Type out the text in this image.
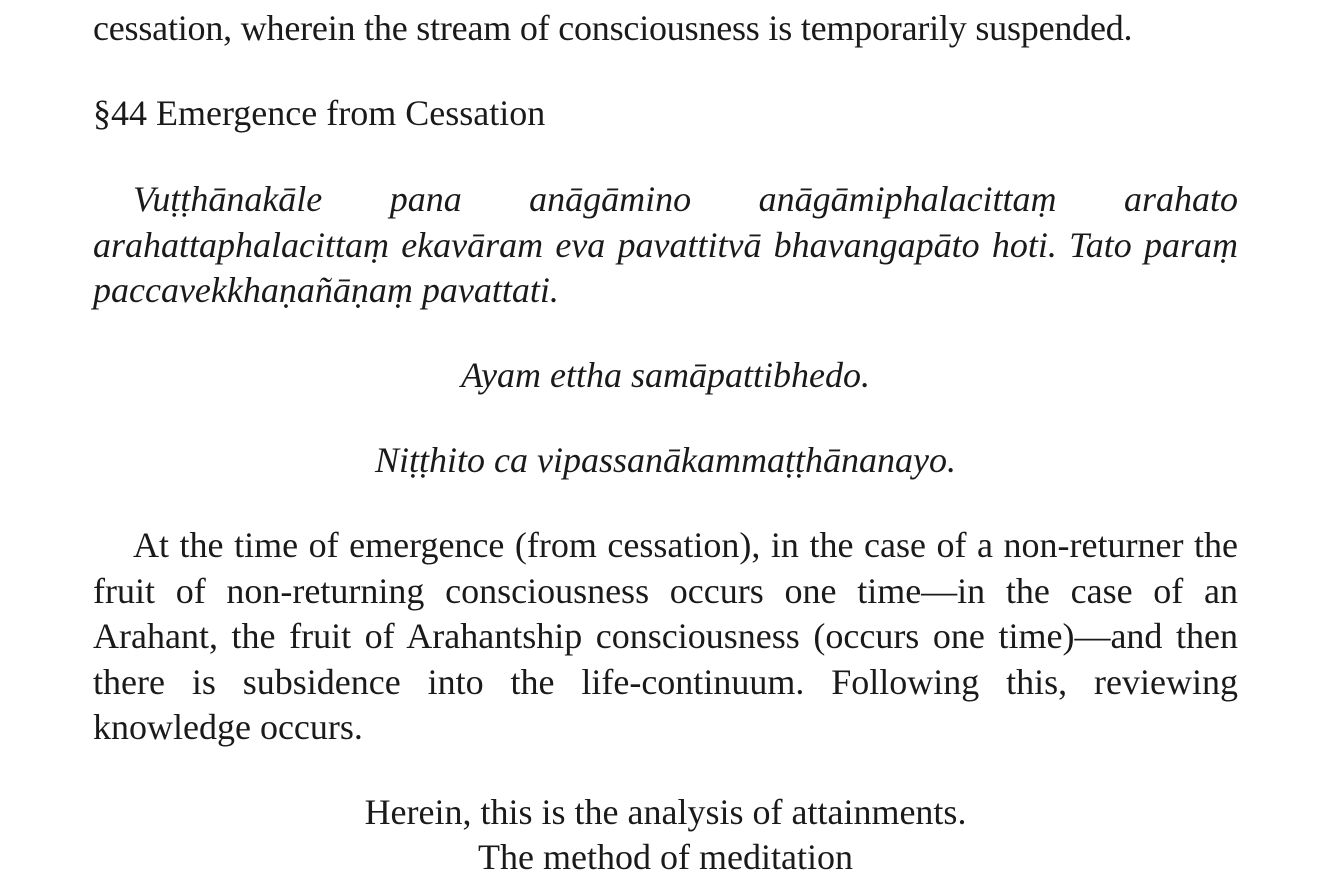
cessation, wherein the stream of consciousness is temporarily suspended.
§44 Emergence from Cessation
Vuṭṭhānakāle pana anāgāmino anāgāmiphalacittaṃ arahato arahattaphalacittaṃ ekavāram eva pavattitvā bhavangapāto hoti. Tato paraṃ paccavekkhaṇañāṇaṃ pavattati.
Ayam ettha samāpattibhedo.
Niṭṭhito ca vipassanākammaṭṭhānanayo.
At the time of emergence (from cessation), in the case of a non-returner the fruit of non-returning consciousness occurs one time—in the case of an Arahant, the fruit of Arahantship consciousness (occurs one time)—and then there is subsidence into the life-continuum. Following this, reviewing knowledge occurs.
Herein, this is the analysis of attainments.
The method of meditation
